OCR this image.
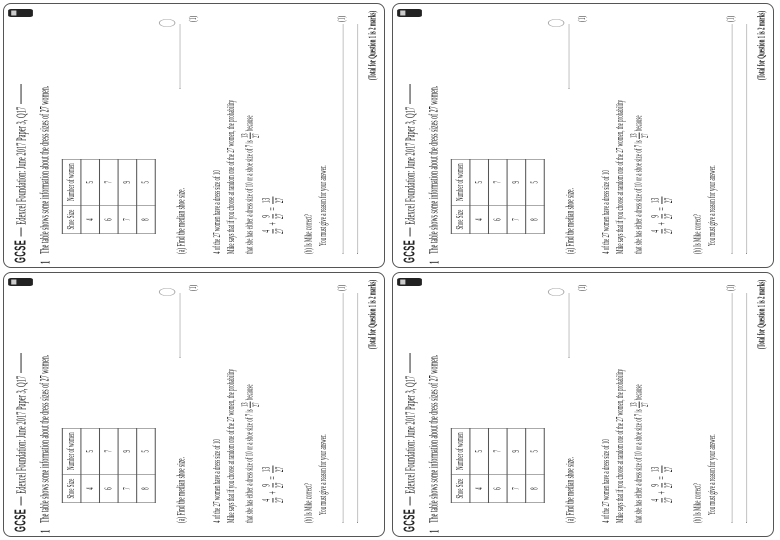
GCSE
Edexcel Foundation: June 2017 Paper 3, Q17
1
The table shows some information about the dress sizes of 27 women. Shoe Size	Number of women
4	5
6	7
7	9
8	5
(a) Find the median shoe size.
(1)
4 of the 27 women have a dress size of 10 Mike says that if you choose at random one of the 27 women, the probability that she has either a dress size of 10 or a shoe size of 7 is
13 27
because
4 27
+
9 27
=
13 27
(b) Is Mike correct? You must give a reason for your answer.
(1) (Total for Question 1 is 2 marks)
GCSE
Edexcel Foundation: June 2017 Paper 3, Q17
1
The table shows some information about the dress sizes of 27 women. Shoe Size	Number of women
4	5
6	7
7	9
8	5
(a) Find the median shoe size.
(1)
4 of the 27 women have a dress size of 10 Mike says that if you choose at random one of the 27 women, the probability that she has either a dress size of 10 or a shoe size of 7 is
13 27
because
4 27
+
9 27
=
13 27
(b) Is Mike correct? You must give a reason for your answer.
(1) (Total for Question 1 is 2 marks)
GCSE
Edexcel Foundation: June 2017 Paper 3, Q17
1
The table shows some information about the dress sizes of 27 women. Shoe Size	Number of women
4	5
6	7
7	9
8	5
(a) Find the median shoe size.
(1)
4 of the 27 women have a dress size of 10 Mike says that if you choose at random one of the 27 women, the probability that she has either a dress size of 10 or a shoe size of 7 is
13 27
because
4 27
+
9 27
=
13 27
(b) Is Mike correct? You must give a reason for your answer.
(1) (Total for Question 1 is 2 marks)
GCSE
Edexcel Foundation: June 2017 Paper 3, Q17
1
The table shows some information about the dress sizes of 27 women. Shoe Size	Number of women
4	5
6	7
7	9
8	5
(a) Find the median shoe size.
(1)
4 of the 27 women have a dress size of 10 Mike says that if you choose at random one of the 27 women, the probability that she has either a dress size of 10 or a shoe size of 7 is
13 27
because
4 27
+
9 27
=
13 27
(b) Is Mike correct? You must give a reason for your answer.
(1) (Total for Question 1 is 2 marks)
